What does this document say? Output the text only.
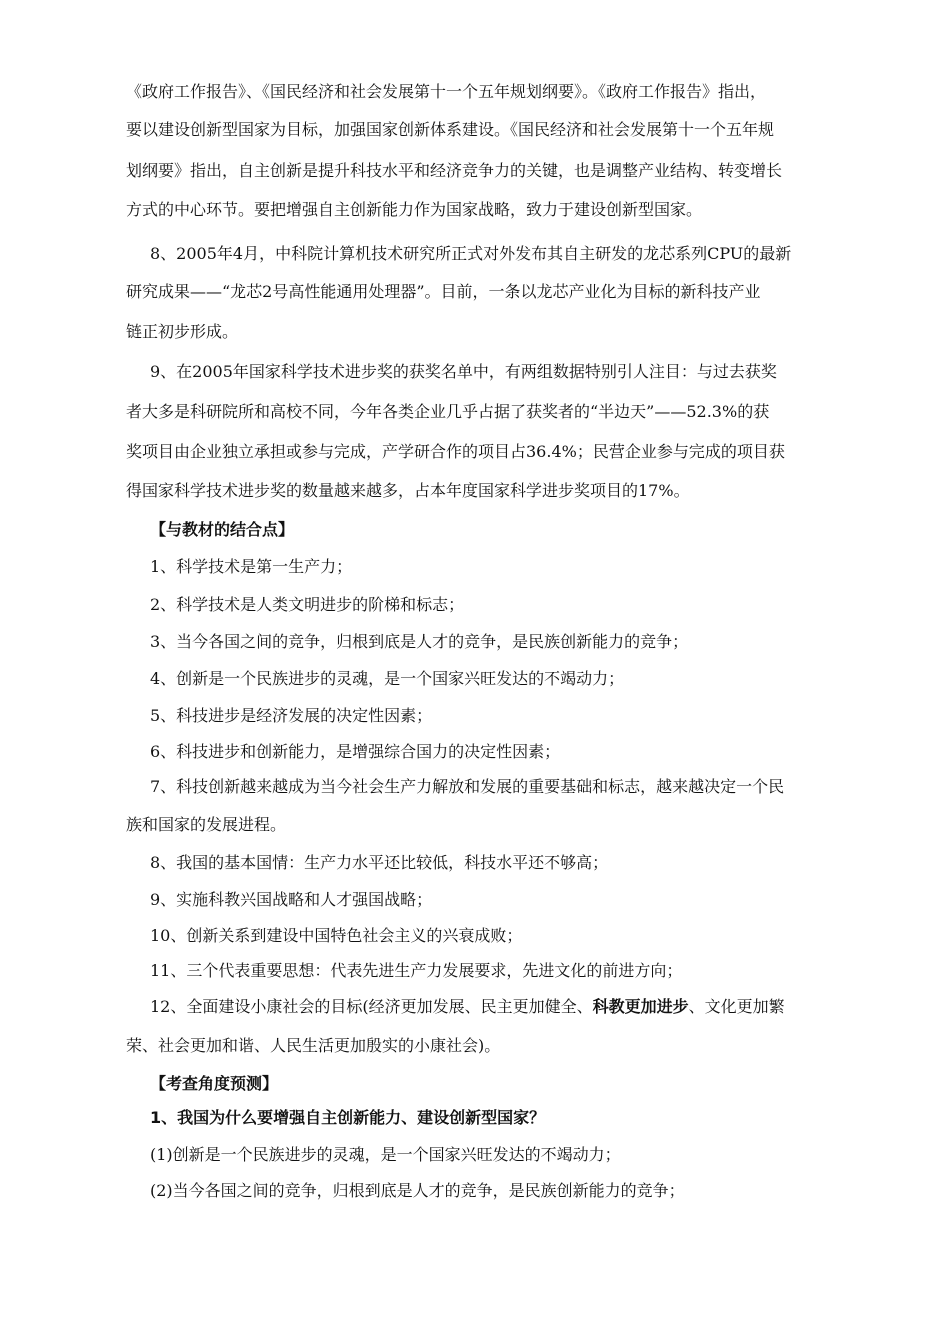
《政府工作报告》、《国民经济和社会发展第十一个五年规划纲要》。《政府工作报告》指出，
要以建设创新型国家为目标，加强国家创新体系建设。《国民经济和社会发展第十一个五年规
划纲要》指出，自主创新是提升科技水平和经济竞争力的关键，也是调整产业结构、转变增长
方式的中心环节。要把增强自主创新能力作为国家战略，致力于建设创新型国家。
8、2005年4月，中科院计算机技术研究所正式对外发布其自主研发的龙芯系列CPU的最新
研究成果——“龙芯2号高性能通用处理器”。目前，一条以龙芯产业化为目标的新科技产业
链正初步形成。
9、在2005年国家科学技术进步奖的获奖名单中，有两组数据特别引人注目：与过去获奖
者大多是科研院所和高校不同，今年各类企业几乎占据了获奖者的“半边天”——52.3%的获
奖项目由企业独立承担或参与完成，产学研合作的项目占36.4%；民营企业参与完成的项目获
得国家科学技术进步奖的数量越来越多，占本年度国家科学进步奖项目的17%。
【与教材的结合点】
1、科学技术是第一生产力；
2、科学技术是人类文明进步的阶梯和标志；
3、当今各国之间的竞争，归根到底是人才的竞争，是民族创新能力的竞争；
4、创新是一个民族进步的灵魂，是一个国家兴旺发达的不竭动力；
5、科技进步是经济发展的决定性因素；
6、科技进步和创新能力，是增强综合国力的决定性因素；
7、科技创新越来越成为当今社会生产力解放和发展的重要基础和标志，越来越决定一个民
族和国家的发展进程。
8、我国的基本国情：生产力水平还比较低，科技水平还不够高；
9、实施科教兴国战略和人才强国战略；
10、创新关系到建设中国特色社会主义的兴衰成败；
11、三个代表重要思想：代表先进生产力发展要求，先进文化的前进方向；
12、全面建设小康社会的目标(经济更加发展、民主更加健全、科教更加进步、文化更加繁
荣、社会更加和谐、人民生活更加殷实的小康社会)。
【考查角度预测】
1、我国为什么要增强自主创新能力、建设创新型国家？
(1)创新是一个民族进步的灵魂，是一个国家兴旺发达的不竭动力；
(2)当今各国之间的竞争，归根到底是人才的竞争，是民族创新能力的竞争；
